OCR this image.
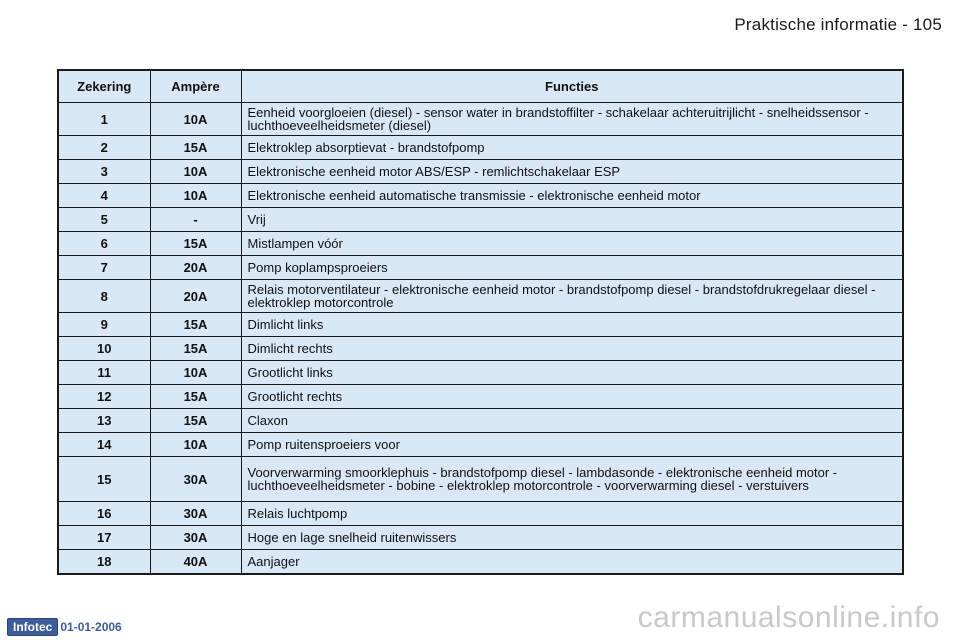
Praktische informatie - 105
Zekering	Ampère	Functies
1	10A	Eenheid voorgloeien (diesel) - sensor water in brandstoffilter - schakelaar achteruitrijlicht - snelheidssensor - luchthoeveelheidsmeter (diesel)
2	15A	Elektroklep absorptievat - brandstofpomp
3	10A	Elektronische eenheid motor ABS/ESP - remlichtschakelaar ESP
4	10A	Elektronische eenheid automatische transmissie - elektronische eenheid motor
5	-	Vrij
6	15A	Mistlampen vóór
7	20A	Pomp koplampsproeiers
8	20A	Relais motorventilateur - elektronische eenheid motor - brandstofpomp diesel - brandstofdrukregelaar diesel - elektroklep motorcontrole
9	15A	Dimlicht links
10	15A	Dimlicht rechts
11	10A	Grootlicht links
12	15A	Grootlicht rechts
13	15A	Claxon
14	10A	Pomp ruitensproeiers voor
15	30A	Voorverwarming smoorklephuis - brandstofpomp diesel - lambdasonde - elektronische eenheid motor - luchthoeveelheidsmeter - bobine - elektroklep motorcontrole - voorverwarming diesel - verstuivers
16	30A	Relais luchtpomp
17	30A	Hoge en lage snelheid ruitenwissers
18	40A	Aanjager
Infotec 01-01-2006	carmanualsonline.info
